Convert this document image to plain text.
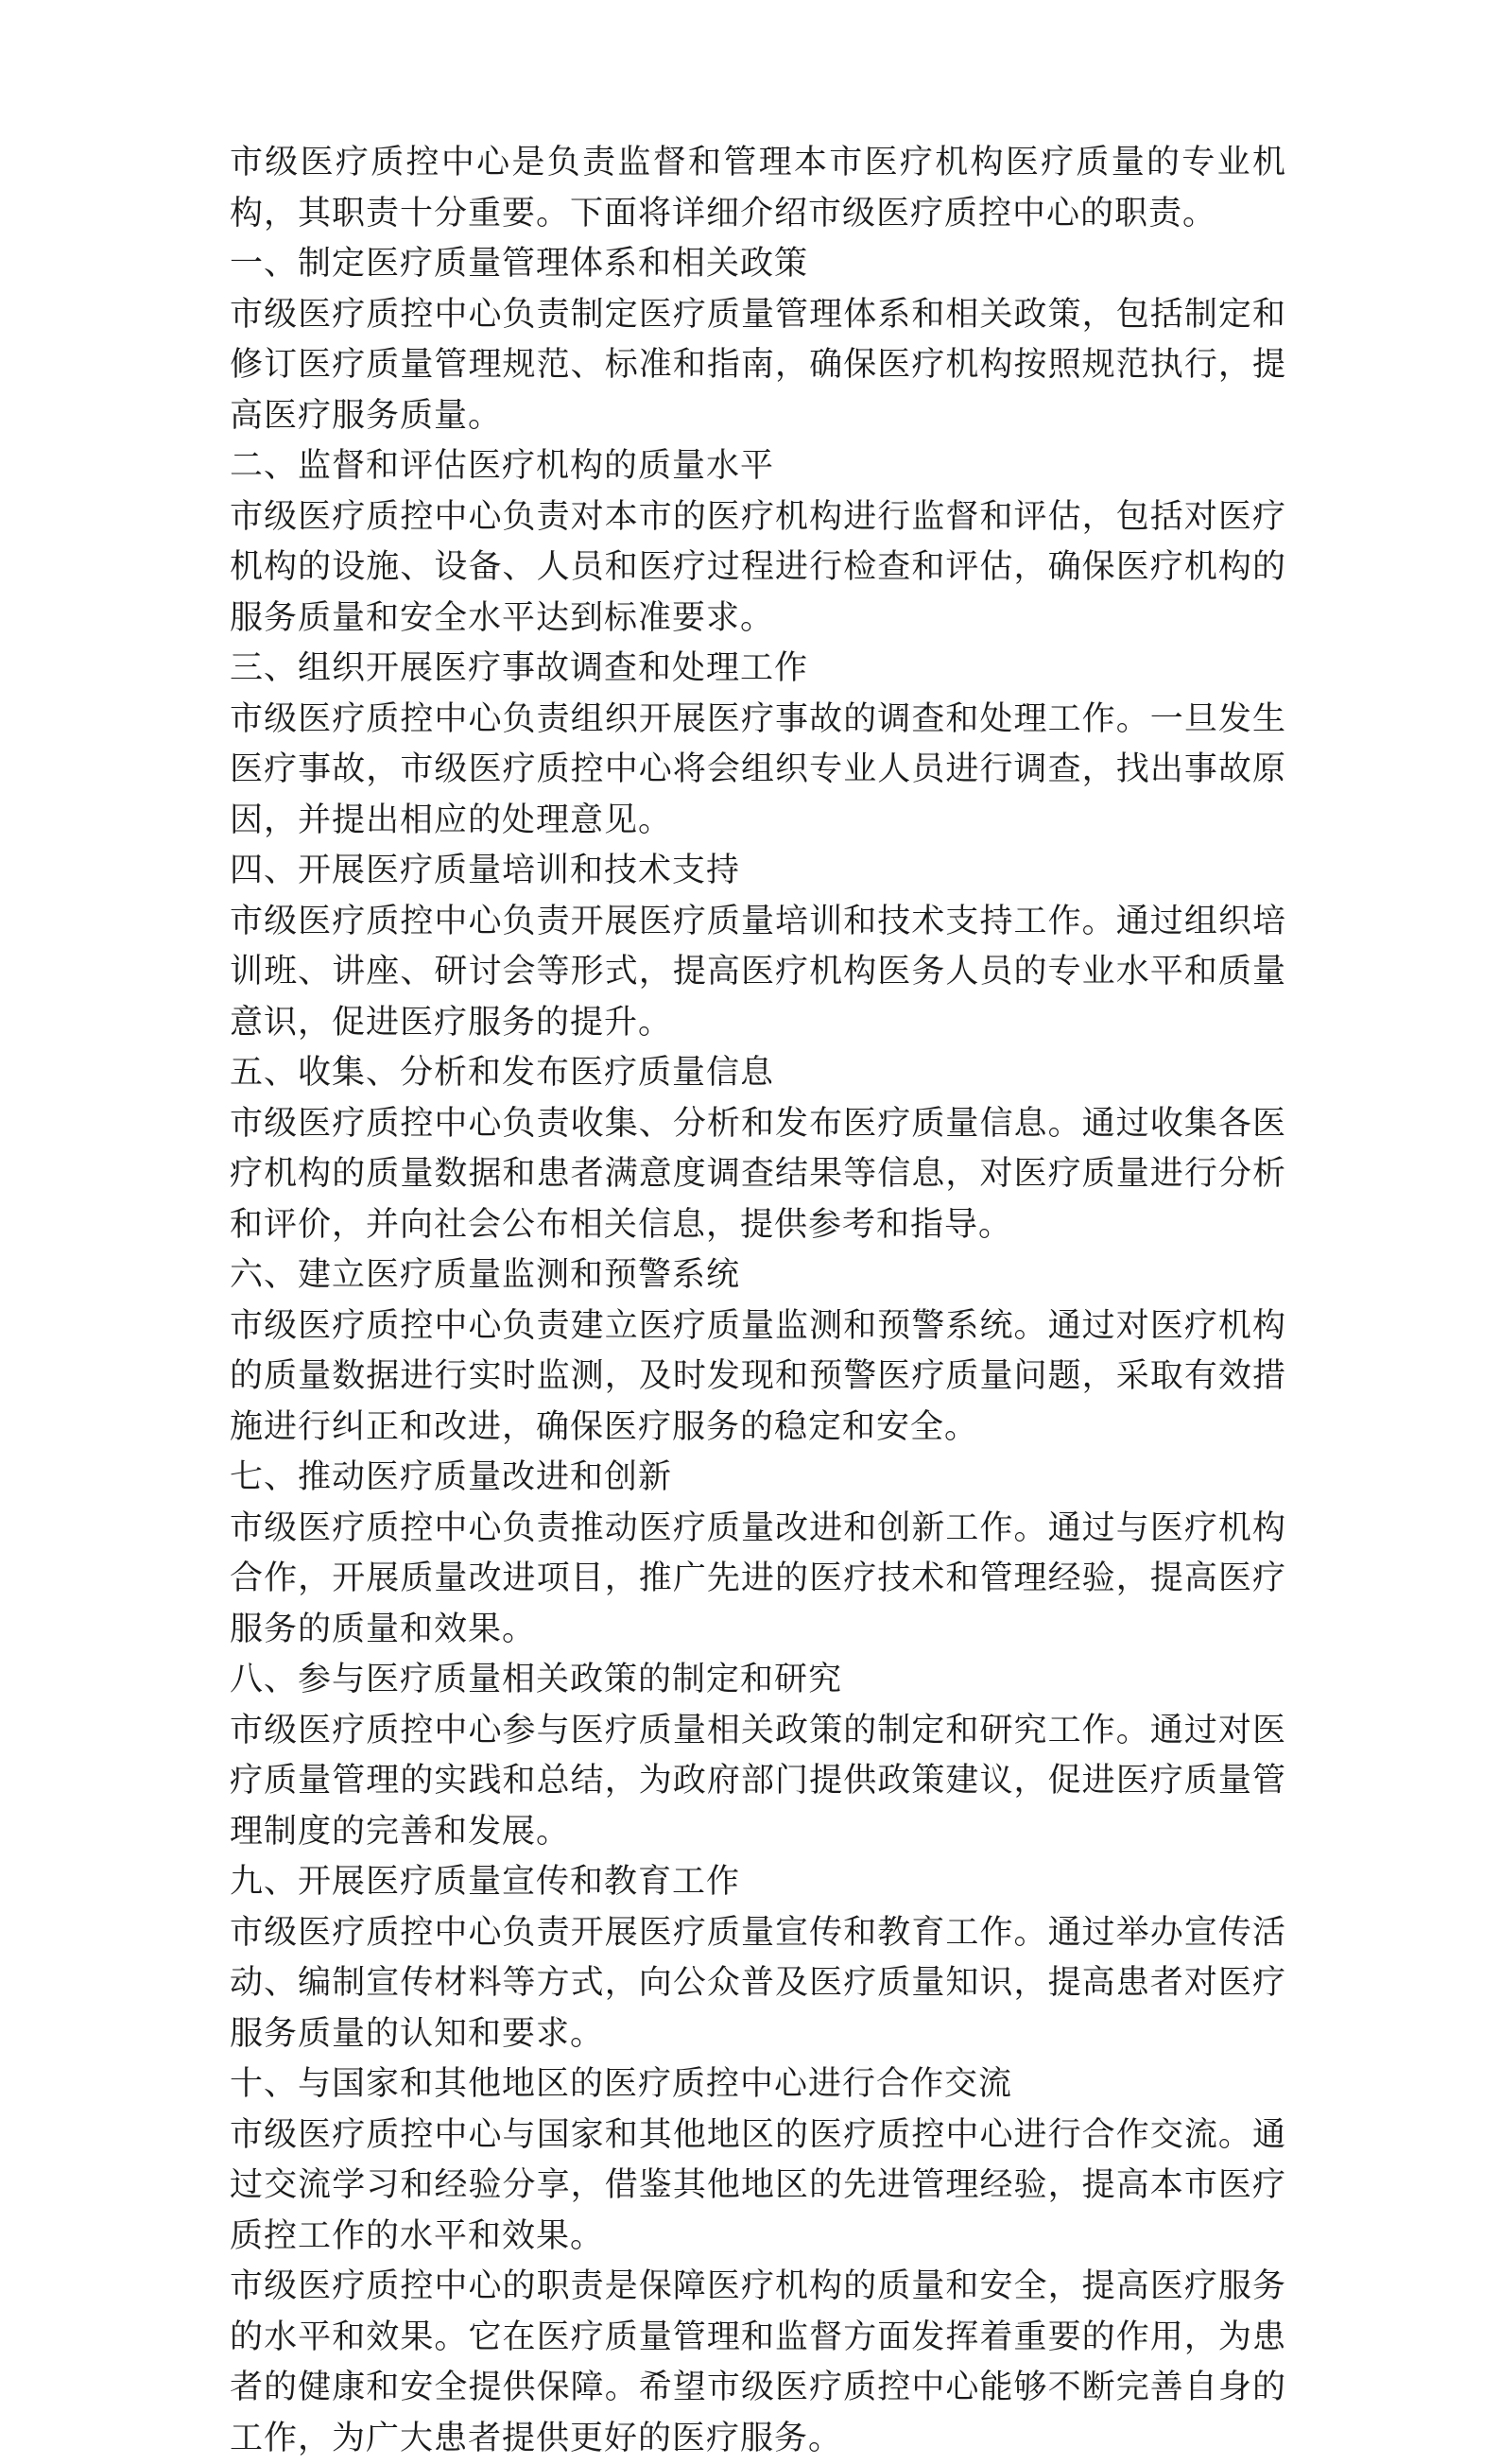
市级医疗质控中心是负责监督和管理本市医疗机构医疗质量的专业机构，其职责十分重要。下面将详细介绍市级医疗质控中心的职责。

一、制定医疗质量管理体系和相关政策

市级医疗质控中心负责制定医疗质量管理体系和相关政策，包括制定和修订医疗质量管理规范、标准和指南，确保医疗机构按照规范执行，提高医疗服务质量。

二、监督和评估医疗机构的质量水平

市级医疗质控中心负责对本市的医疗机构进行监督和评估，包括对医疗机构的设施、设备、人员和医疗过程进行检查和评估，确保医疗机构的服务质量和安全水平达到标准要求。

三、组织开展医疗事故调查和处理工作

市级医疗质控中心负责组织开展医疗事故的调查和处理工作。一旦发生医疗事故，市级医疗质控中心将会组织专业人员进行调查，找出事故原因，并提出相应的处理意见。

四、开展医疗质量培训和技术支持

市级医疗质控中心负责开展医疗质量培训和技术支持工作。通过组织培训班、讲座、研讨会等形式，提高医疗机构医务人员的专业水平和质量意识，促进医疗服务的提升。

五、收集、分析和发布医疗质量信息

市级医疗质控中心负责收集、分析和发布医疗质量信息。通过收集各医疗机构的质量数据和患者满意度调查结果等信息，对医疗质量进行分析和评价，并向社会公布相关信息，提供参考和指导。

六、建立医疗质量监测和预警系统

市级医疗质控中心负责建立医疗质量监测和预警系统。通过对医疗机构的质量数据进行实时监测，及时发现和预警医疗质量问题，采取有效措施进行纠正和改进，确保医疗服务的稳定和安全。

七、推动医疗质量改进和创新

市级医疗质控中心负责推动医疗质量改进和创新工作。通过与医疗机构合作，开展质量改进项目，推广先进的医疗技术和管理经验，提高医疗服务的质量和效果。

八、参与医疗质量相关政策的制定和研究

市级医疗质控中心参与医疗质量相关政策的制定和研究工作。通过对医疗质量管理的实践和总结，为政府部门提供政策建议，促进医疗质量管理制度的完善和发展。

九、开展医疗质量宣传和教育工作

市级医疗质控中心负责开展医疗质量宣传和教育工作。通过举办宣传活动、编制宣传材料等方式，向公众普及医疗质量知识，提高患者对医疗服务质量的认知和要求。

十、与国家和其他地区的医疗质控中心进行合作交流

市级医疗质控中心与国家和其他地区的医疗质控中心进行合作交流。通过交流学习和经验分享，借鉴其他地区的先进管理经验，提高本市医疗质控工作的水平和效果。

市级医疗质控中心的职责是保障医疗机构的质量和安全，提高医疗服务的水平和效果。它在医疗质量管理和监督方面发挥着重要的作用，为患者的健康和安全提供保障。希望市级医疗质控中心能够不断完善自身的工作，为广大患者提供更好的医疗服务。
